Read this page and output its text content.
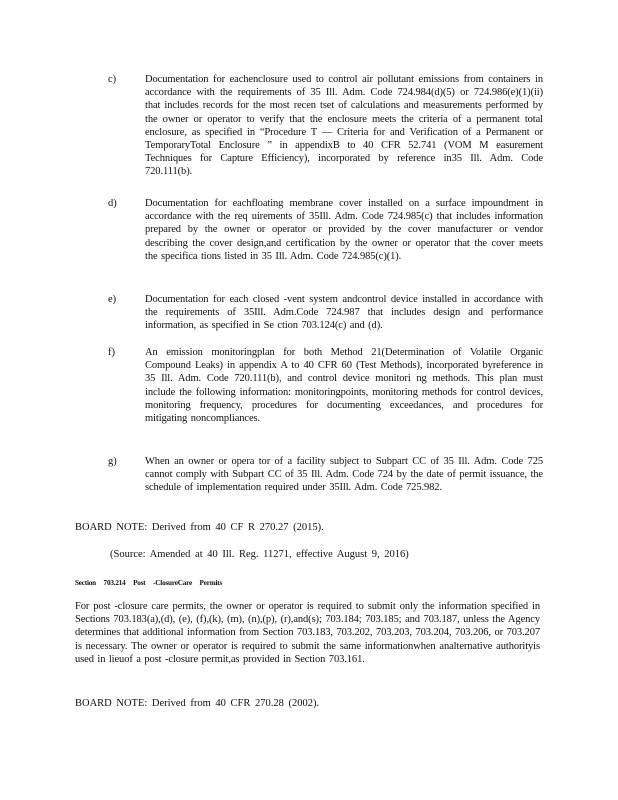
c)	Documentation for eachenclosure used to control air pollutant emissions from containers in accordance with the requirements of 35 Ill. Adm. Code 724.984(d)(5) or 724.986(e)(1)(ii) that includes records for the most recen tset of calculations and measurements performed by the owner or operator to verify that the enclosure meets the criteria of a permanent total enclosure, as specified in “Procedure T — Criteria for and Verification of a Permanent or TemporaryTotal Enclosure ” in appendixB to 40 CFR 52.741 (VOM M easurement Techniques for Capture Efficiency), incorporated by reference in35 Ill. Adm. Code 720.111(b).
d)	Documentation for eachfloating membrane cover installed on a surface impoundment in accordance with the req uirements of 35Ill. Adm. Code 724.985(c) that includes information prepared by the owner or operator or provided by the cover manufacturer or vendor describing the cover design,and certification by the owner or operator that the cover meets the specifica tions listed in 35 Ill. Adm. Code 724.985(c)(1).
e)	Documentation for each closed -vent system andcontrol device installed in accordance with the requirements of 35Ill. Adm.Code 724.987 that includes design and performance information, as specified in Se ction 703.124(c) and (d).
f)	An emission monitoringplan for both Method 21(Determination of Volatile Organic Compound Leaks) in appendix A to 40 CFR 60 (Test Methods), incorporated byreference in 35 Ill. Adm. Code 720.111(b), and control device monitori ng methods. This plan must include the following information: monitoringpoints, monitoring methods for control devices, monitoring frequency, procedures for documenting exceedances, and procedures for mitigating noncompliances.
g)	When an owner or opera tor of a facility subject to Subpart CC of 35 Ill. Adm. Code 725 cannot comply with Subpart CC of 35 Ill. Adm. Code 724 by the date of permit issuance, the schedule of implementation required under 35Ill. Adm. Code 725.982.
BOARD NOTE: Derived from 40 CF R 270.27 (2015).
(Source: Amended at 40 Ill. Reg. 11271, effective August 9, 2016)
Section 703.214 Post -ClosureCare Permits
For post -closure care permits, the owner or operator is required to submit only the information specified in Sections 703.183(a),(d), (e), (f),(k), (m), (n),(p), (r),and(s); 703.184; 703.185; and 703.187, unless the Agency determines that additional information from Section 703.183, 703.202, 703.203, 703.204, 703.206, or 703.207 is necessary. The owner or operator is required to submit the same informationwhen analternative authorityis used in lieuof a post -closure permit,as provided in Section 703.161.
BOARD NOTE: Derived from 40 CFR 270.28 (2002).
